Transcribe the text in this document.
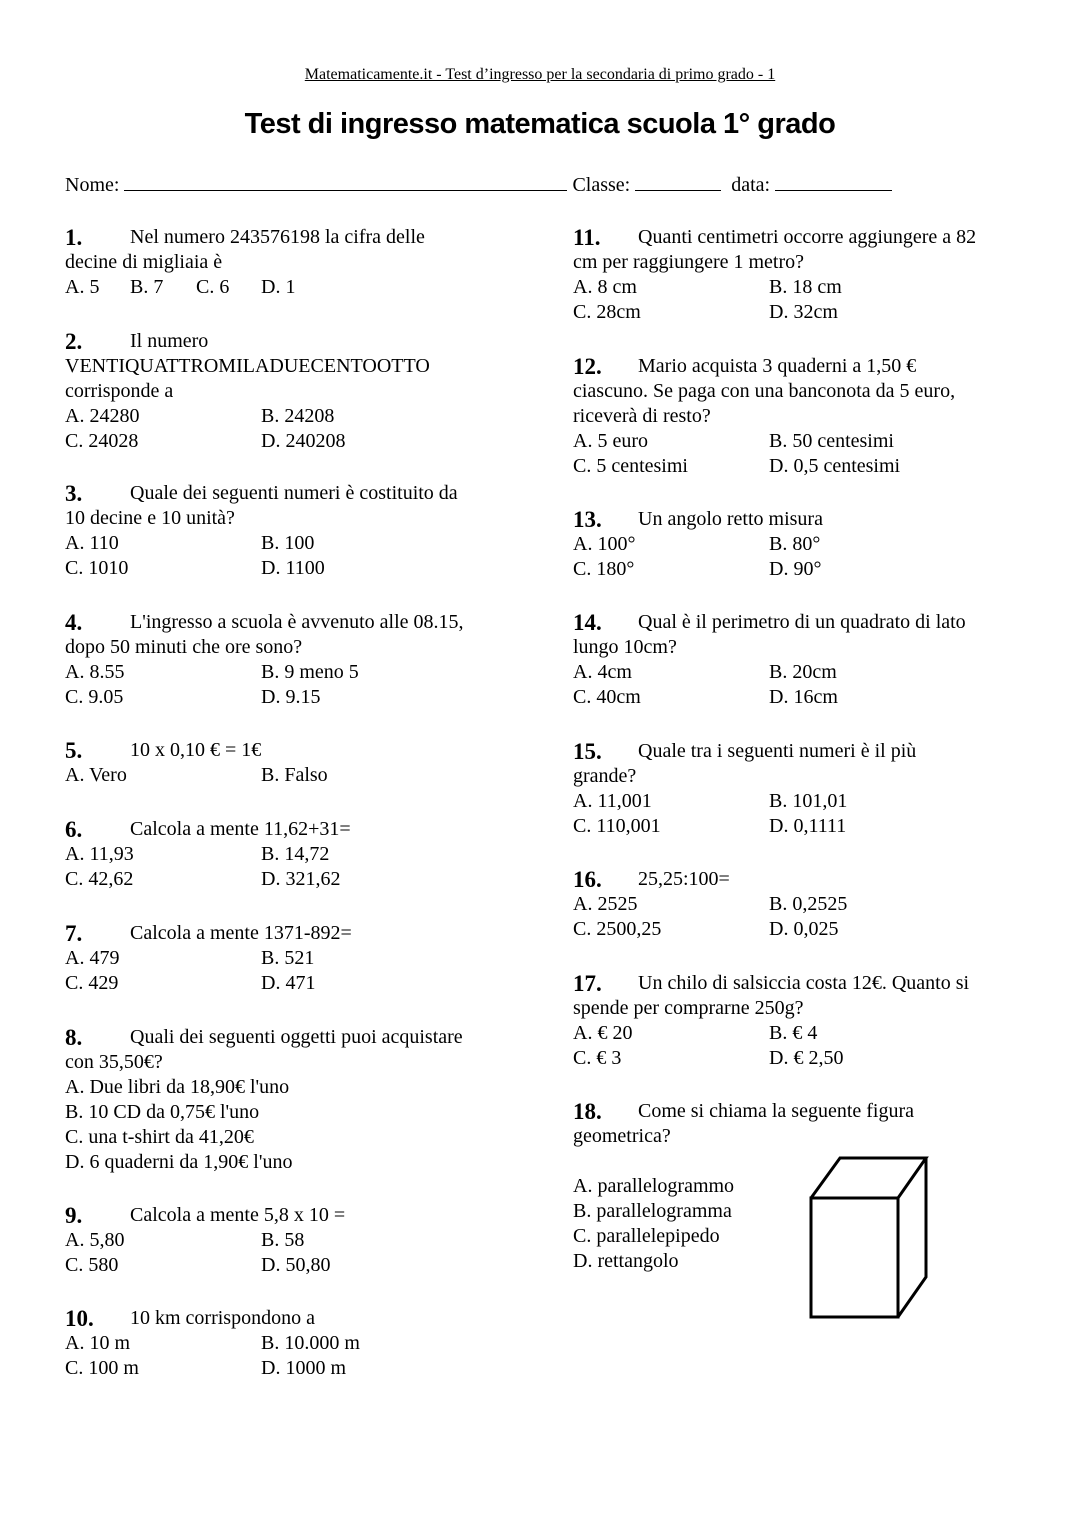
Matematicamente.it - Test d’ingresso per la secondaria di primo grado - 1
Test di ingresso matematica scuola 1° grado
Nome:	Classe:	data:
1. Nel numero 243576198 la cifra delle
decine di migliaia è
A. 5 B. 7 C. 6 D. 1
2. Il numero
VENTIQUATTROMILADUECENTOOTTO
corrisponde a
A. 24280	B. 24208
C. 24028	D. 240208
3. Quale dei seguenti numeri è costituito da
10 decine e 10 unità?
A. 110	B. 100
C. 1010	D. 1100
4. L'ingresso a scuola è avvenuto alle 08.15,
dopo 50 minuti che ore sono?
A. 8.55	B. 9 meno 5
C. 9.05	D. 9.15
5. 10 x 0,10 € = 1€
A. Vero	B. Falso
6. Calcola a mente 11,62+31=
A. 11,93	B. 14,72
C. 42,62	D. 321,62
7. Calcola a mente 1371-892=
A. 479	B. 521
C. 429	D. 471
8. Quali dei seguenti oggetti puoi acquistare
con 35,50€?
A. Due libri da 18,90€ l'uno
B. 10 CD da 0,75€ l'uno
C. una t-shirt da 41,20€
D. 6 quaderni da 1,90€ l'uno
9. Calcola a mente 5,8 x 10 =
A. 5,80	B. 58
C. 580	D. 50,80
10. 10 km corrispondono a
A. 10 m	B. 10.000 m
C. 100 m	D. 1000 m
11. Quanti centimetri occorre aggiungere a 82
cm per raggiungere 1 metro?
A. 8 cm	B. 18 cm
C. 28cm	D. 32cm
12. Mario acquista 3 quaderni a 1,50 €
ciascuno. Se paga con una banconota da 5 euro,
riceverà di resto?
A. 5 euro	B. 50 centesimi
C. 5 centesimi	D. 0,5 centesimi
13. Un angolo retto misura
A. 100°	B. 80°
C. 180°	D. 90°
14. Qual è il perimetro di un quadrato di lato
lungo 10cm?
A. 4cm	B. 20cm
C. 40cm	D. 16cm
15. Quale tra i seguenti numeri è il più
grande?
A. 11,001	B. 101,01
C. 110,001	D. 0,1111
16. 25,25:100=
A. 2525	B. 0,2525
C. 2500,25	D. 0,025
17. Un chilo di salsiccia costa 12€. Quanto si
spende per comprarne 250g?
A. € 20	B. € 4
C. € 3	D. € 2,50
18. Come si chiama la seguente figura
geometrica?
A. parallelogrammo
B. parallelogramma
C. parallelepipedo
D. rettangolo
